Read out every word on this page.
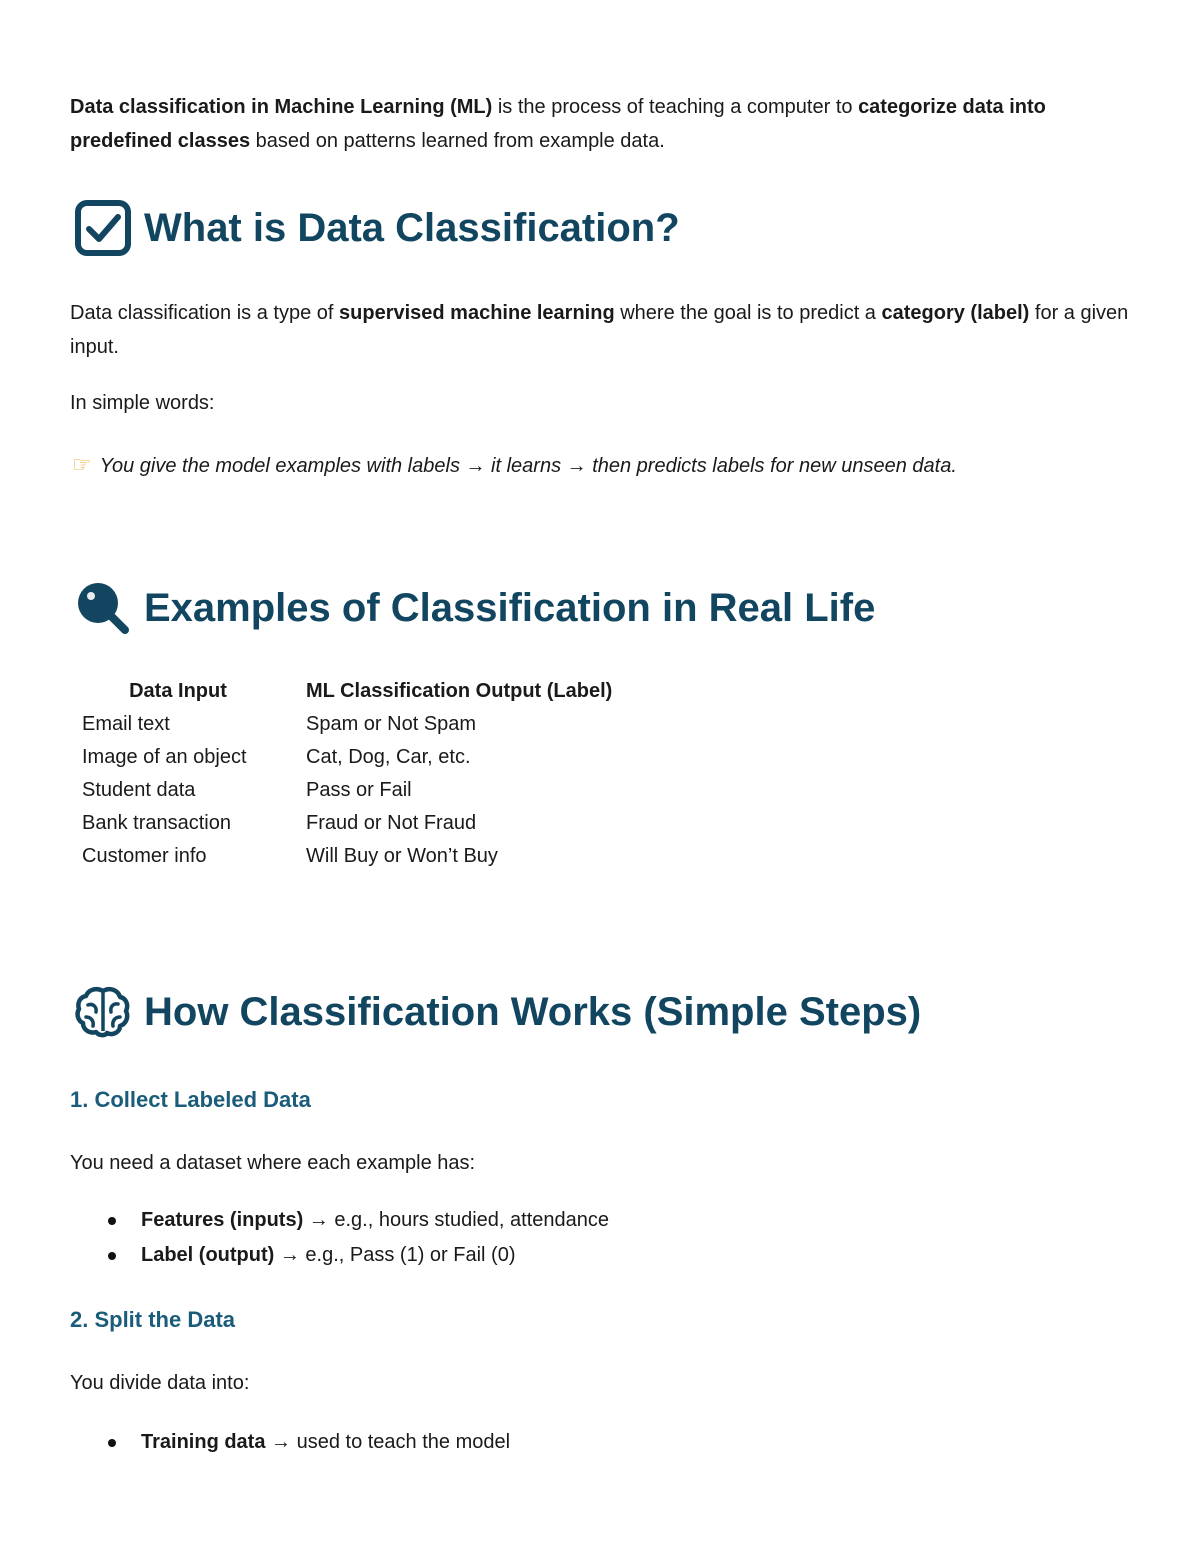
Data classification in Machine Learning (ML) is the process of teaching a computer to categorize data into predefined classes based on patterns learned from example data.

What is Data Classification?

Data classification is a type of supervised machine learning where the goal is to predict a category (label) for a given input.

In simple words:

☞ You give the model examples with labels → it learns → then predicts labels for new unseen data.
Examples of Classification in Real Life
Data Input	ML Classification Output (Label)
Email text	Spam or Not Spam
Image of an object	Cat, Dog, Car, etc.
Student data	Pass or Fail
Bank transaction	Fraud or Not Fraud
Customer info	Will Buy or Won’t Buy
How Classification Works (Simple Steps)
1. Collect Labeled Data

You need a dataset where each example has:

Features (inputs) → e.g., hours studied, attendance
Label (output) → e.g., Pass (1) or Fail (0)
2. Split the Data

You divide data into:

Training data → used to teach the model
